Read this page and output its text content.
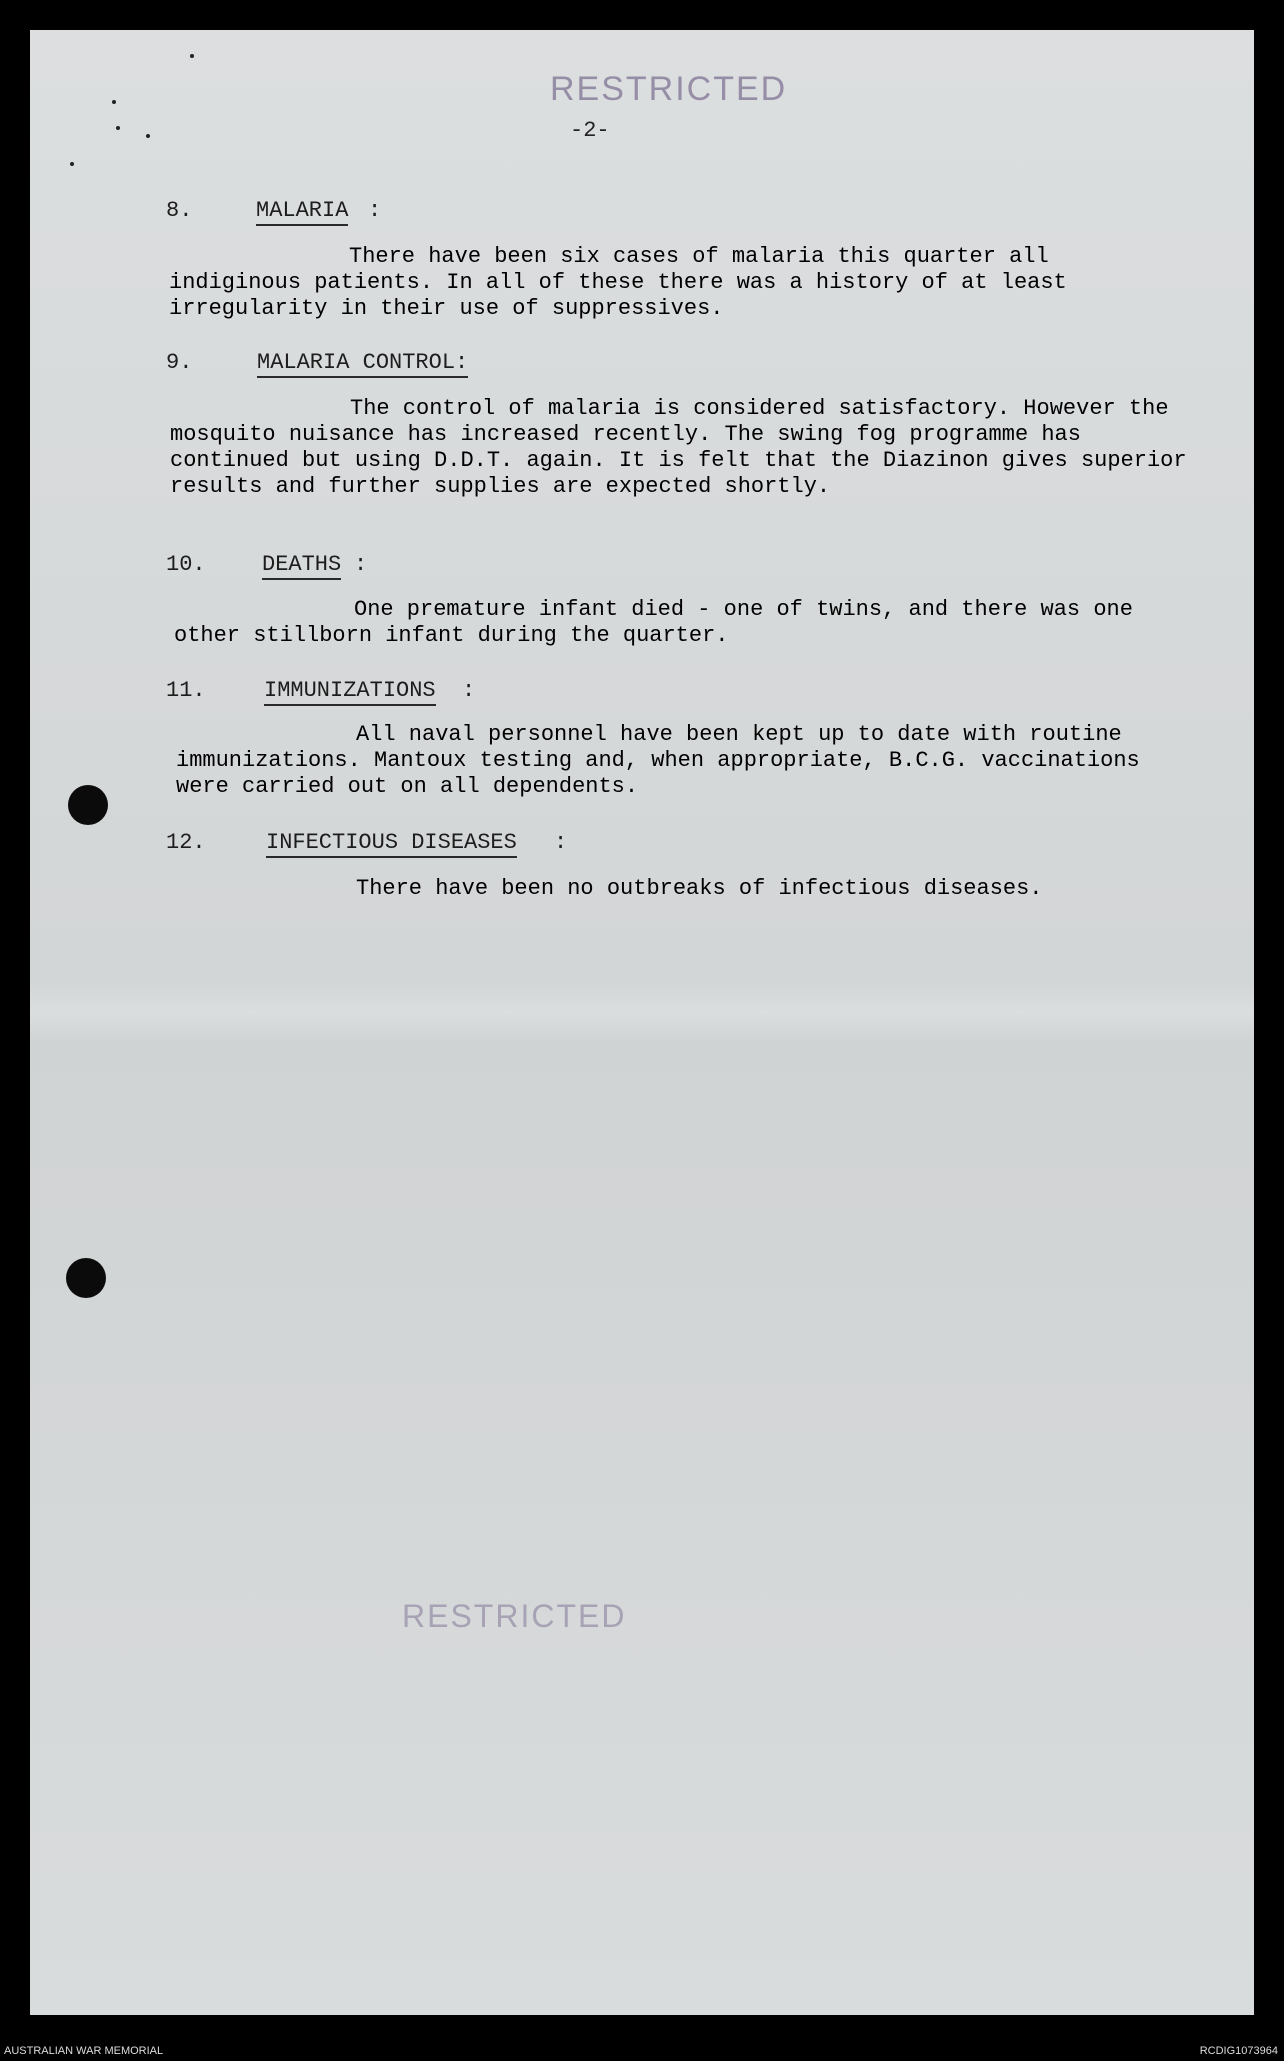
RESTRICTED
-2-
8.	MALARIA :

There have been six cases of malaria this quarter all indiginous patients. In all of these there was a history of at least irregularity in their use of suppressives.

9.	MALARIA CONTROL:

The control of malaria is considered satisfactory. However the mosquito nuisance has increased recently. The swing fog programme has continued but using D.D.T. again. It is felt that the Diazinon gives superior results and further supplies are expected shortly.

10.	DEATHS :

One premature infant died - one of twins, and there was one other stillborn infant during the quarter.

11.	IMMUNIZATIONS :

All naval personnel have been kept up to date with routine immunizations. Mantoux testing and, when appropriate, B.C.G. vaccinations were carried out on all dependents.

12.	INFECTIOUS DISEASES :

There have been no outbreaks of infectious diseases.

RESTRICTED
AUSTRALIAN WAR MEMORIAL	RCDIG1073964
